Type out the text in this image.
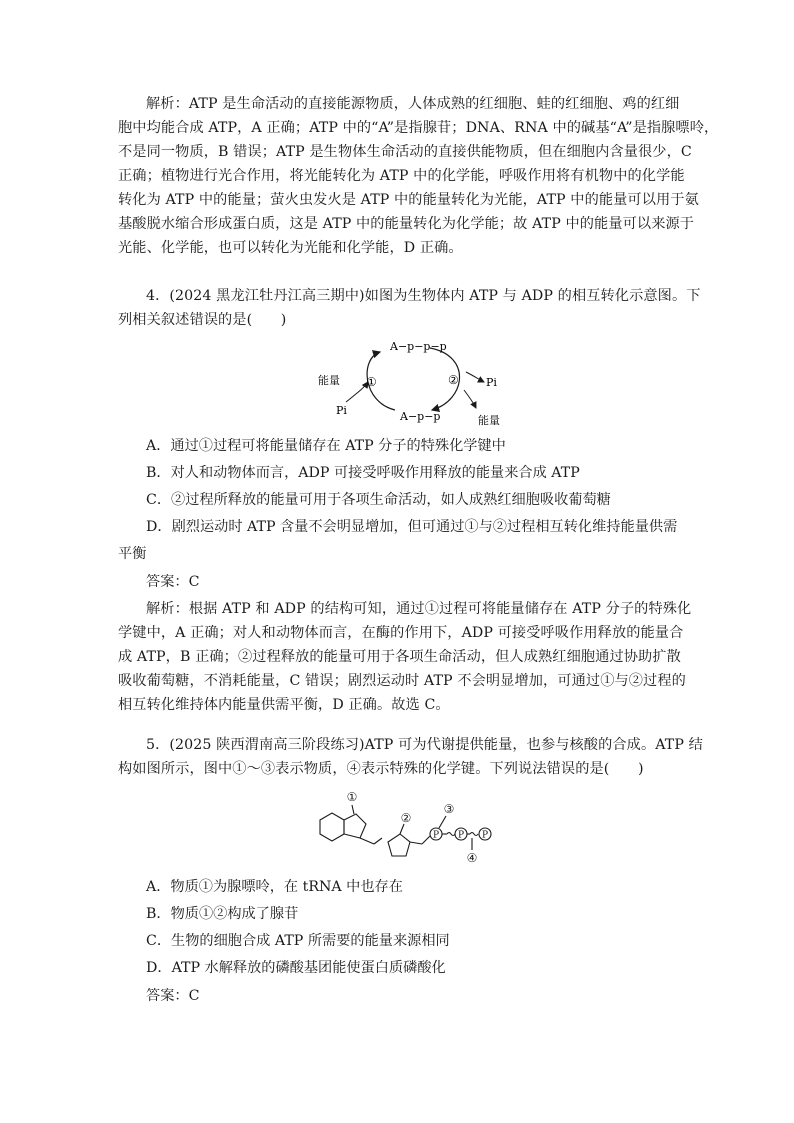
解析：ATP 是生命活动的直接能源物质，人体成熟的红细胞、蛙的红细胞、鸡的红细
胞中均能合成 ATP，A 正确；ATP 中的“A”是指腺苷；DNA、RNA 中的碱基“A”是指腺嘌呤，
不是同一物质，B 错误；ATP 是生物体生命活动的直接供能物质，但在细胞内含量很少，C
正确；植物进行光合作用，将光能转化为 ATP 中的化学能，呼吸作用将有机物中的化学能
转化为 ATP 中的能量；萤火虫发火是 ATP 中的能量转化为光能，ATP 中的能量可以用于氨
基酸脱水缩合形成蛋白质，这是 ATP 中的能量转化为化学能；故 ATP 中的能量可以来源于
光能、化学能，也可以转化为光能和化学能，D 正确。
4．(2024 黑龙江牡丹江高三期中)如图为生物体内 ATP 与 ADP 的相互转化示意图。下
列相关叙述错误的是(　　)
A−p−p−p
A−p−p
能量
Pi
①	② Pi
能量
A．通过①过程可将能量储存在 ATP 分子的特殊化学键中
B．对人和动物体而言，ADP 可接受呼吸作用释放的能量来合成 ATP
C．②过程所释放的能量可用于各项生命活动，如人成熟红细胞吸收葡萄糖
D．剧烈运动时 ATP 含量不会明显增加，但可通过①与②过程相互转化维持能量供需
平衡
答案：C
解析：根据 ATP 和 ADP 的结构可知，通过①过程可将能量储存在 ATP 分子的特殊化
学键中，A 正确；对人和动物体而言，在酶的作用下，ADP 可接受呼吸作用释放的能量合
成 ATP，B 正确；②过程释放的能量可用于各项生命活动，但人成熟红细胞通过协助扩散
吸收葡萄糖，不消耗能量，C 错误；剧烈运动时 ATP 不会明显增加，可通过①与②过程的
相互转化维持体内能量供需平衡，D 正确。故选 C。
5．(2025 陕西渭南高三阶段练习)ATP 可为代谢提供能量，也参与核酸的合成。ATP 结
构如图所示，图中①～③表示物质，④表示特殊的化学键。下列说法错误的是(　　)
P P P
①
②
③
④
A．物质①为腺嘌呤，在 tRNA 中也存在
B．物质①②构成了腺苷
C．生物的细胞合成 ATP 所需要的能量来源相同
D．ATP 水解释放的磷酸基团能使蛋白质磷酸化
答案：C
